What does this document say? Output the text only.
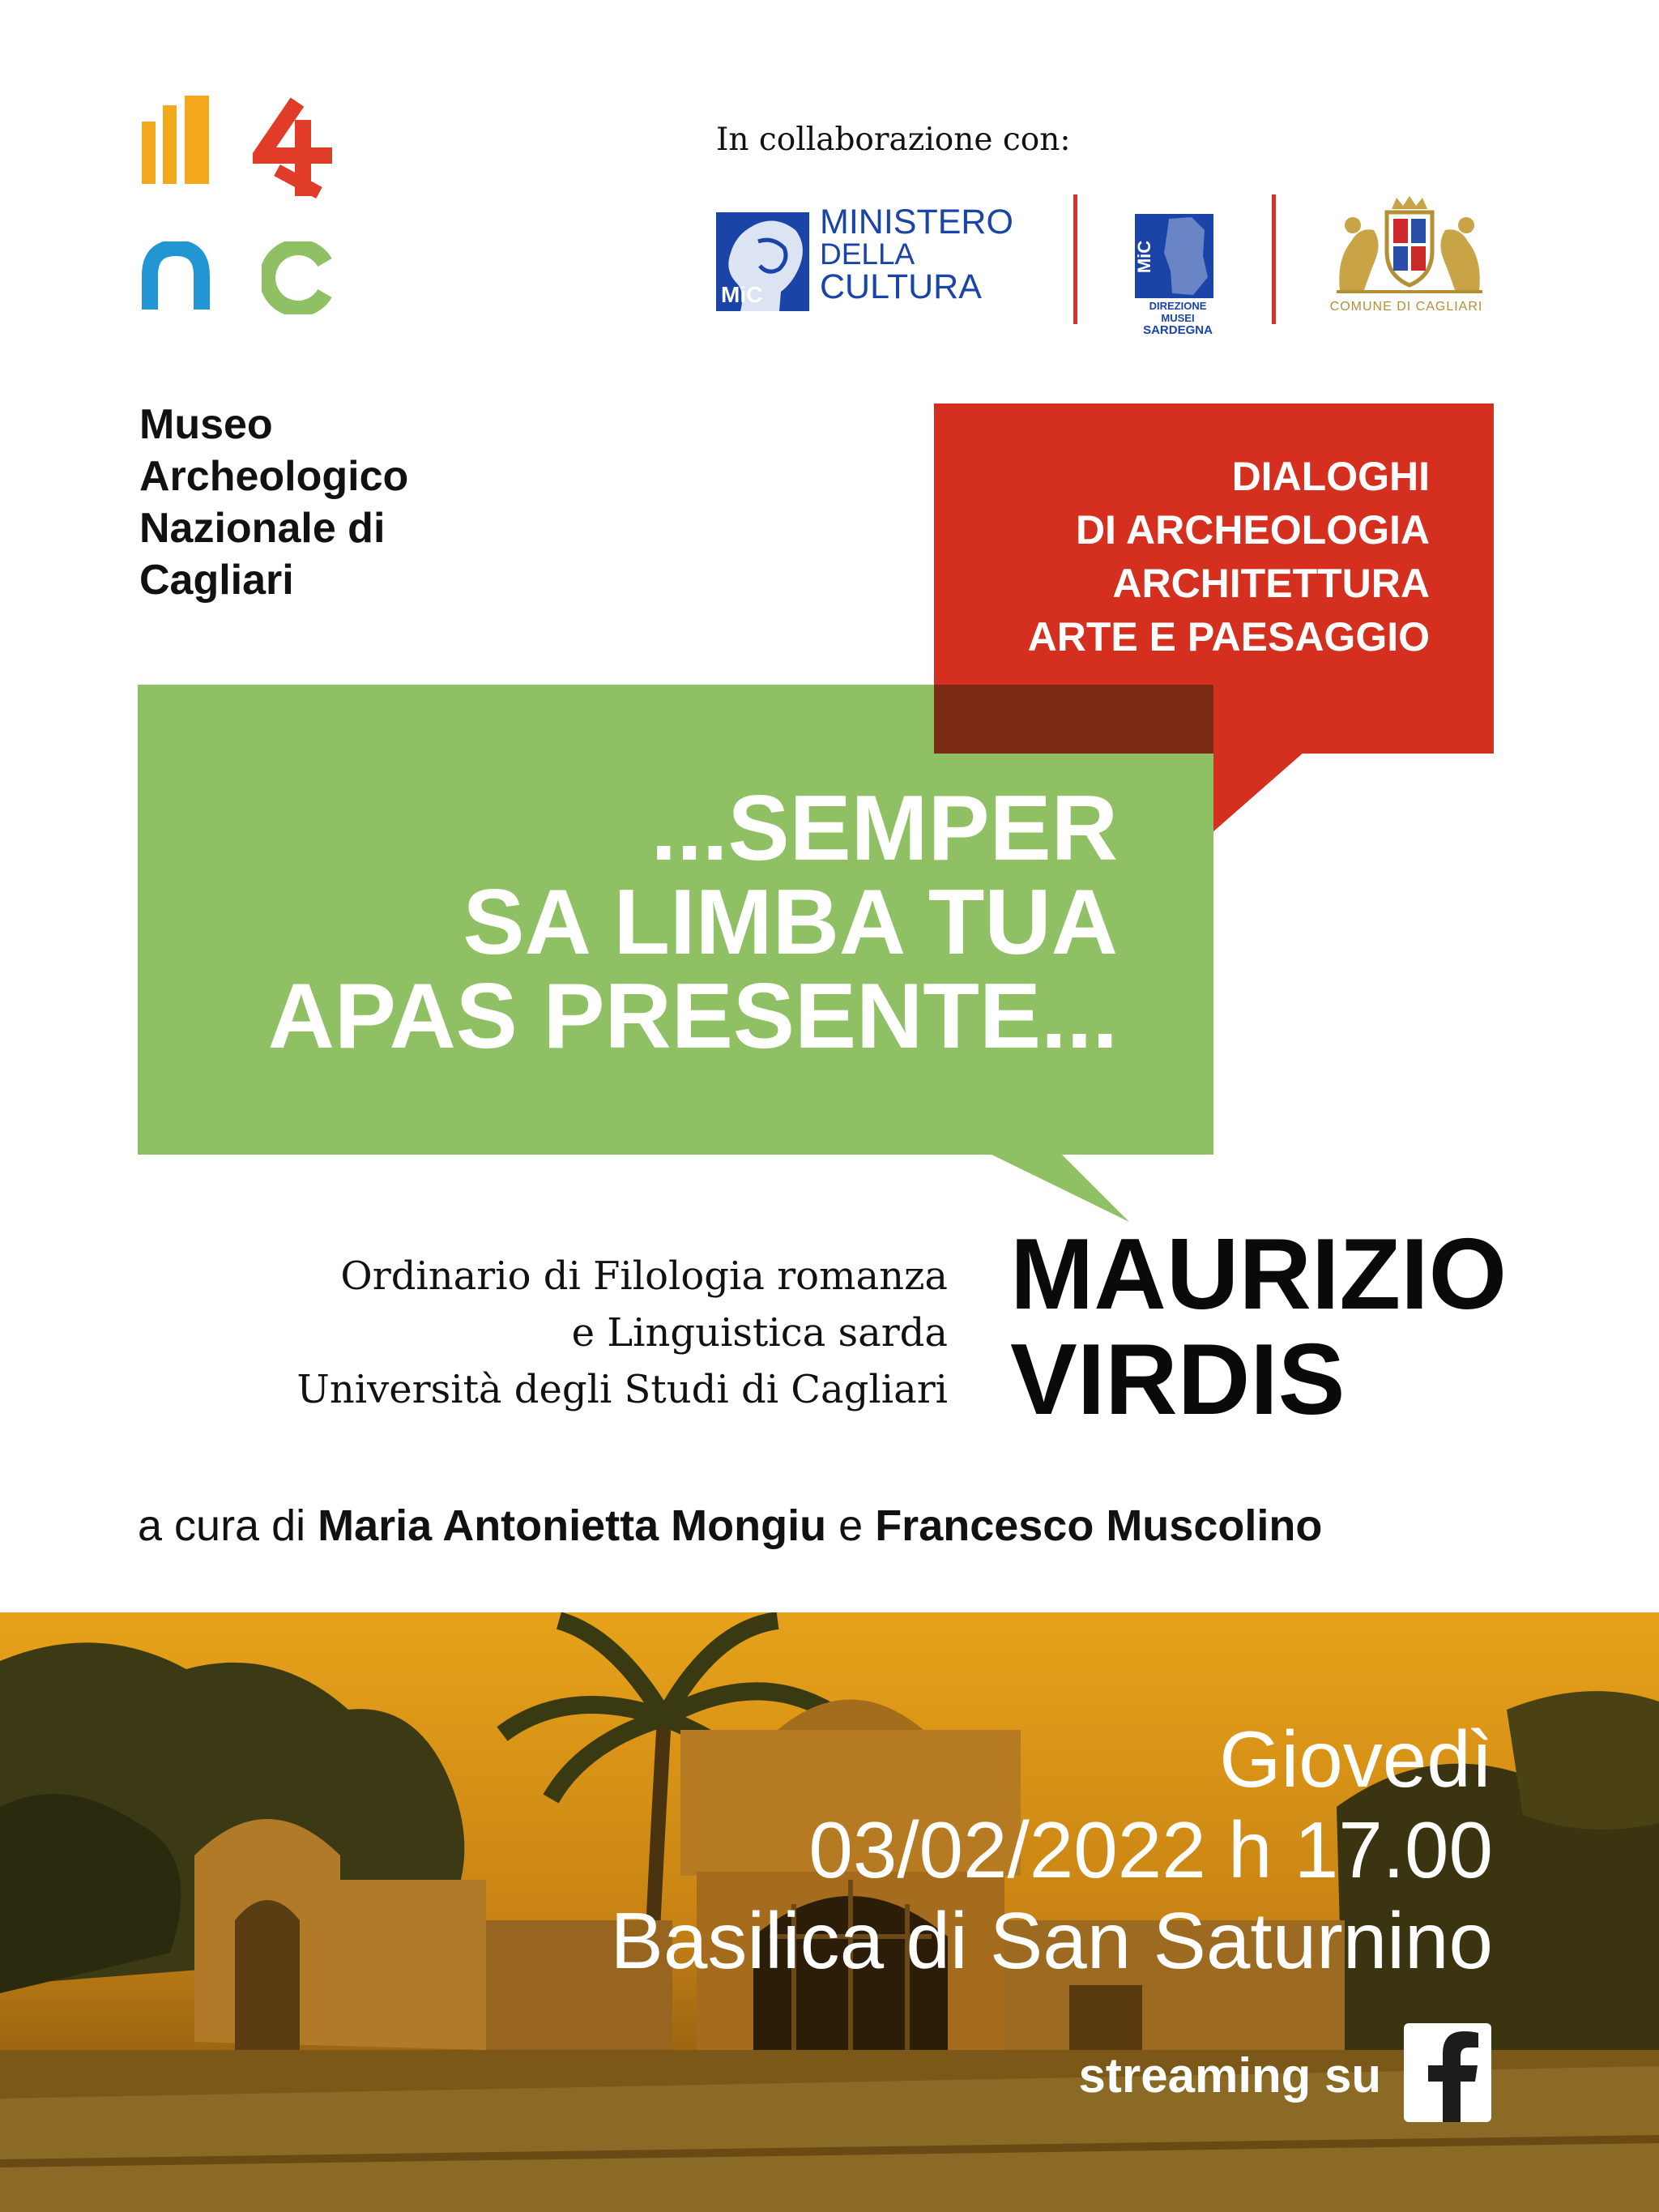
Museo
Archeologico
Nazionale di
Cagliari
In collaborazione con:
MiC
MINISTERO
DELLA
CULTURA
MiC
DIREZIONE MUSEI
SARDEGNA
COMUNE DI CAGLIARI
DIALOGHI
DI ARCHEOLOGIA
ARCHITETTURA
ARTE E PAESAGGIO
...SEMPER
SA LIMBA TUA
APAS PRESENTE...
Ordinario di Filologia romanza
e Linguistica sarda
Università degli Studi di Cagliari
MAURIZIO
VIRDIS
a cura di Maria Antonietta Mongiu e Francesco Muscolino
Giovedì
03/02/2022 h 17.00
Basilica di San Saturnino
streaming su
